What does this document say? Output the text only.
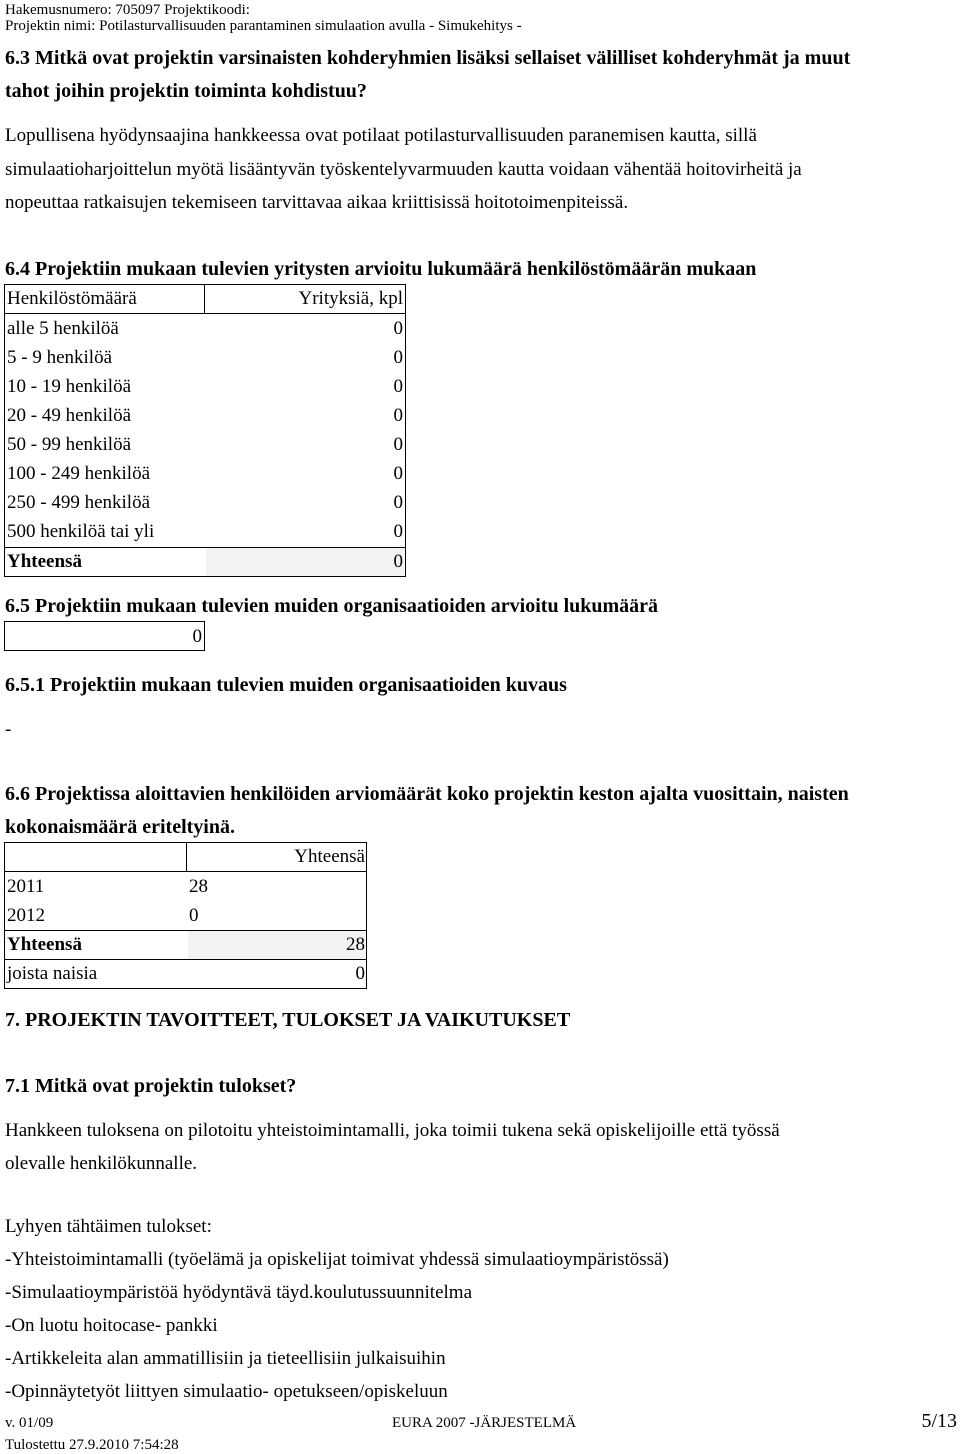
Hakemusnumero: 705097 Projektikoodi:
Projektin nimi: Potilasturvallisuuden parantaminen simulaation avulla - Simukehitys -
6.3 Mitkä ovat projektin varsinaisten kohderyhmien lisäksi sellaiset välilliset kohderyhmät ja muut
tahot joihin projektin toiminta kohdistuu?
Lopullisena hyödynsaajina hankkeessa ovat potilaat potilasturvallisuuden paranemisen kautta, sillä
simulaatioharjoittelun myötä lisääntyvän työskentelyvarmuuden kautta voidaan vähentää hoitovirheitä ja
nopeuttaa ratkaisujen tekemiseen tarvittavaa aikaa kriittisissä hoitotoimenpiteissä.
6.4 Projektiin mukaan tulevien yritysten arvioitu lukumäärä henkilöstömäärän mukaan
Henkilöstömäärä	Yrityksiä, kpl
alle 5 henkilöä	0
5 - 9 henkilöä	0
10 - 19 henkilöä	0
20 - 49 henkilöä	0
50 - 99 henkilöä	0
100 - 249 henkilöä	0
250 - 499 henkilöä	0
500 henkilöä tai yli	0
Yhteensä	0
6.5 Projektiin mukaan tulevien muiden organisaatioiden arvioitu lukumäärä
0
6.5.1 Projektiin mukaan tulevien muiden organisaatioiden kuvaus
-
6.6 Projektissa aloittavien henkilöiden arviomäärät koko projektin keston ajalta vuosittain, naisten
kokonaismäärä eriteltyinä.
Yhteensä
2011	28
2012	0
Yhteensä	28
joista naisia	0
7. PROJEKTIN TAVOITTEET, TULOKSET JA VAIKUTUKSET
7.1 Mitkä ovat projektin tulokset?
Hankkeen tuloksena on pilotoitu yhteistoimintamalli, joka toimii tukena sekä opiskelijoille että työssä
olevalle henkilökunnalle.
Lyhyen tähtäimen tulokset:
-Yhteistoimintamalli (työelämä ja opiskelijat toimivat yhdessä simulaatioympäristössä)
-Simulaatioympäristöä hyödyntävä täyd.koulutussuunnitelma
-On luotu hoitocase- pankki
-Artikkeleita alan ammatillisiin ja tieteellisiin julkaisuihin
-Opinnäytetyöt liittyen simulaatio- opetukseen/opiskeluun
v. 01/09	EURA 2007 -JÄRJESTELMÄ	5/13
Tulostettu 27.9.2010 7:54:28
